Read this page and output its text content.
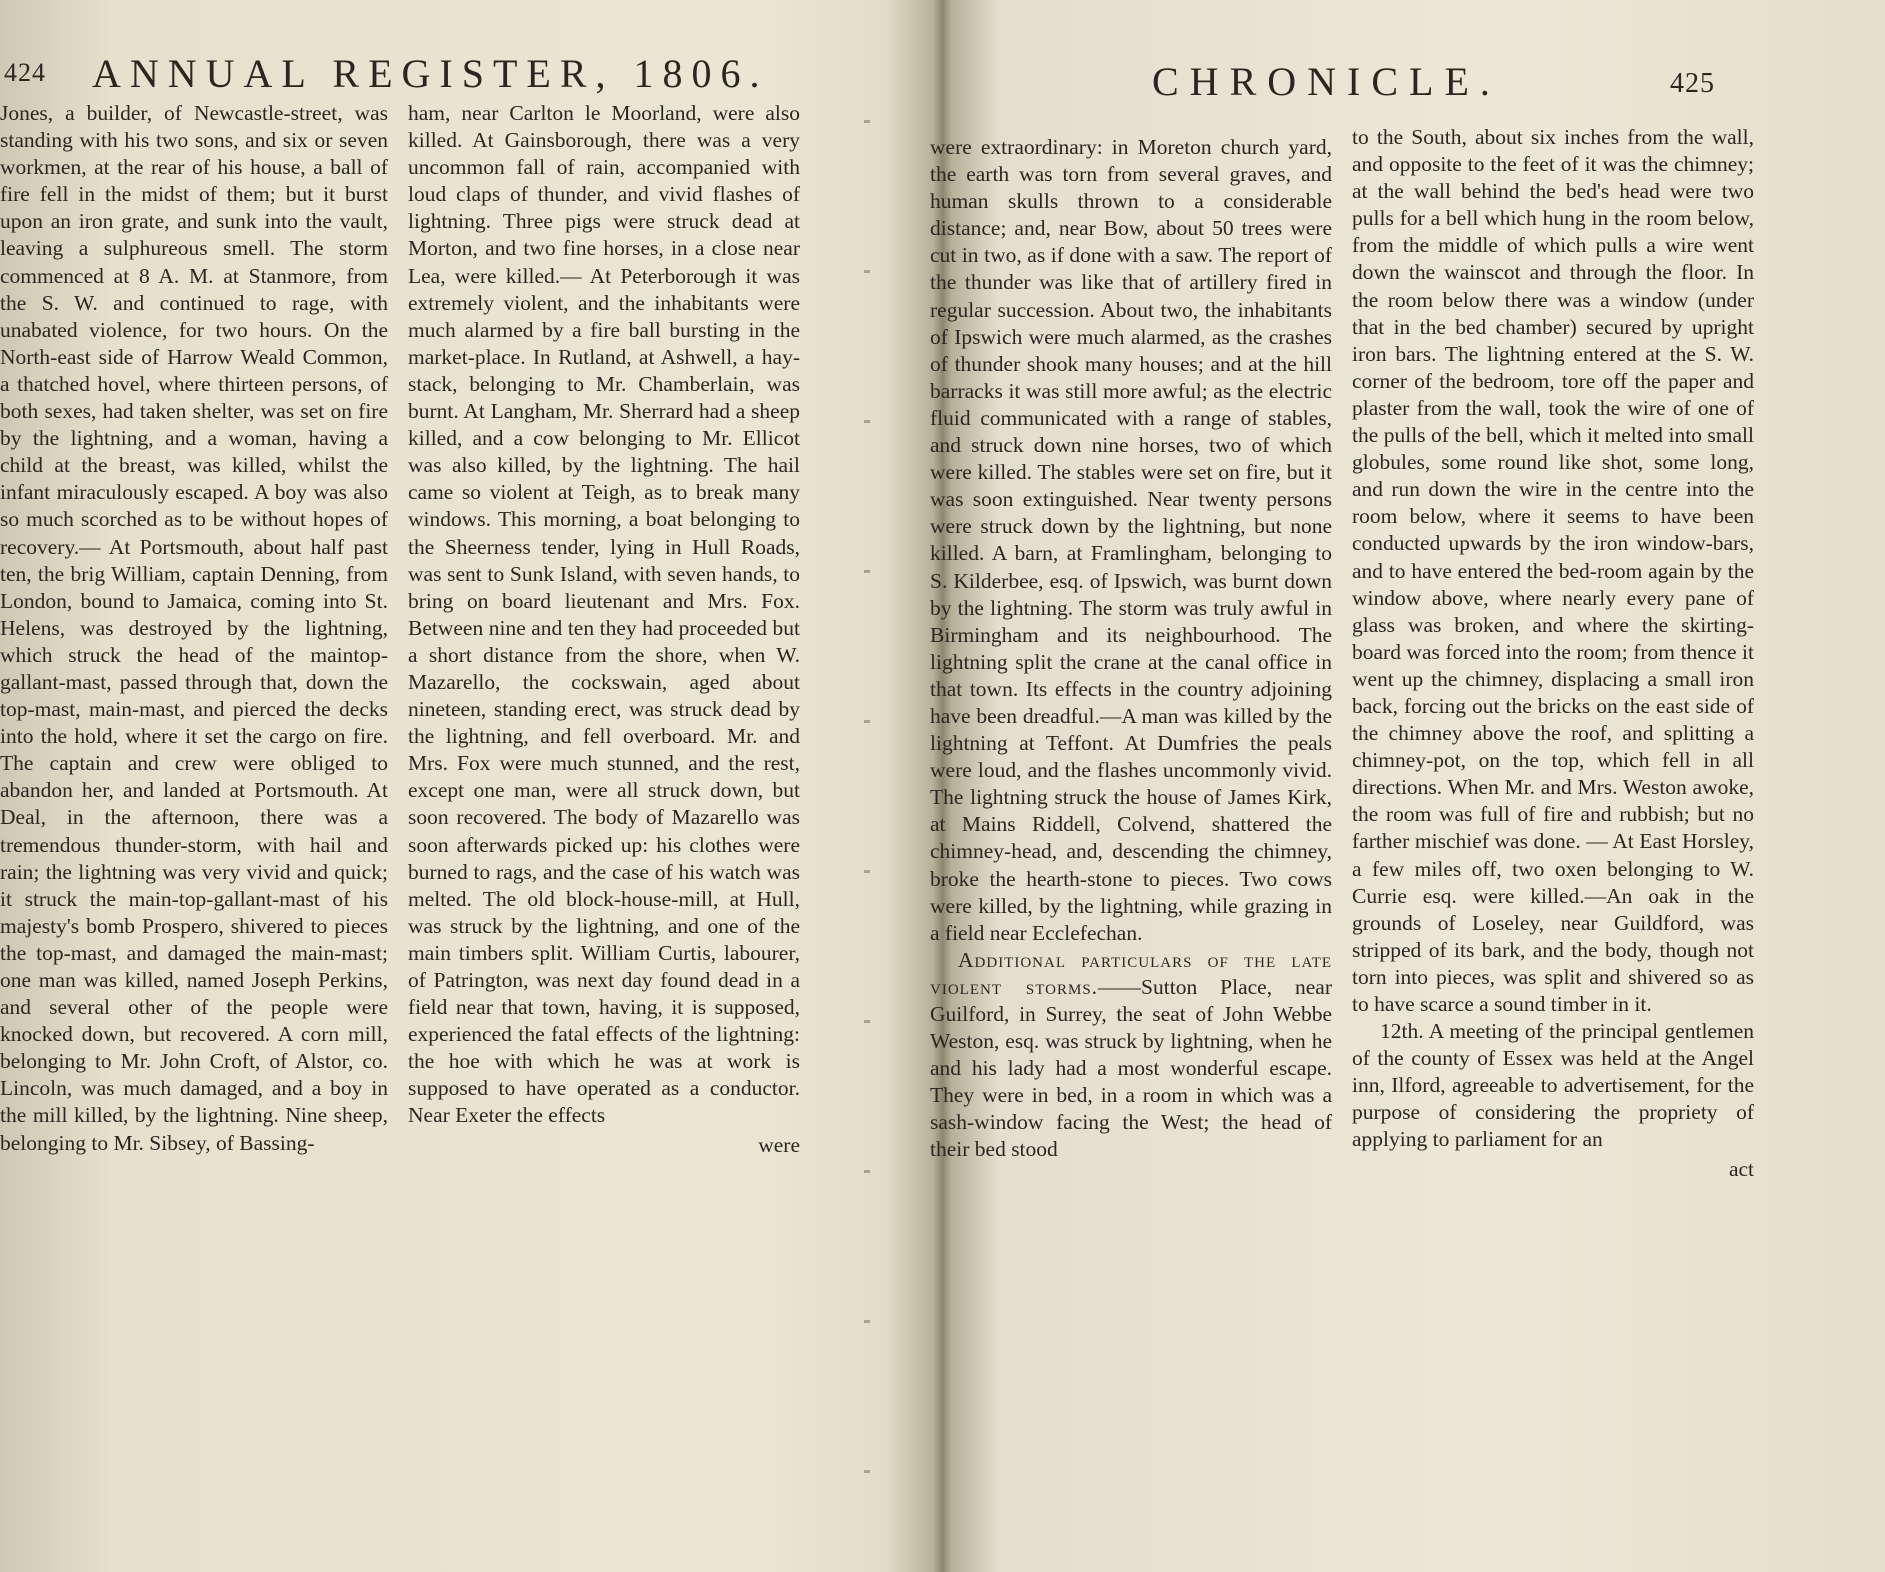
424 ANNUAL REGISTER, 1806.

Jones, a builder, of Newcastle-street, was standing with his two sons, and six or seven workmen, at the rear of his house, a ball of fire fell in the midst of them; but it burst upon an iron grate, and sunk into the vault, leaving a sulphureous smell. The storm commenced at 8 A. M. at Stanmore, from the S. W. and continued to rage, with unabated violence, for two hours. On the North-east side of Harrow Weald Common, a thatched hovel, where thirteen persons, of both sexes, had taken shelter, was set on fire by the lightning, and a woman, having a child at the breast, was killed, whilst the infant miraculously escaped. A boy was also so much scorched as to be without hopes of recovery.— At Portsmouth, about half past ten, the brig William, captain Denning, from London, bound to Jamaica, coming into St. Helens, was destroyed by the lightning, which struck the head of the maintop-gallant-mast, passed through that, down the top-mast, main-mast, and pierced the decks into the hold, where it set the cargo on fire. The captain and crew were obliged to abandon her, and landed at Portsmouth. At Deal, in the afternoon, there was a tremendous thunder-storm, with hail and rain; the lightning was very vivid and quick; it struck the main-top-gallant-mast of his majesty's bomb Prospero, shivered to pieces the top-mast, and damaged the main-mast; one man was killed, named Joseph Perkins, and several other of the people were knocked down, but recovered. A corn mill, belonging to Mr. John Croft, of Alstor, co. Lincoln, was much damaged, and a boy in the mill killed, by the lightning. Nine sheep, belonging to Mr. Sibsey, of Bassing-

ham, near Carlton le Moorland, were also killed. At Gainsborough, there was a very uncommon fall of rain, accompanied with loud claps of thunder, and vivid flashes of lightning. Three pigs were struck dead at Morton, and two fine horses, in a close near Lea, were killed.— At Peterborough it was extremely violent, and the inhabitants were much alarmed by a fire ball bursting in the market-place. In Rutland, at Ashwell, a hay-stack, belonging to Mr. Chamberlain, was burnt. At Langham, Mr. Sherrard had a sheep killed, and a cow belonging to Mr. Ellicot was also killed, by the lightning. The hail came so violent at Teigh, as to break many windows. This morning, a boat belonging to the Sheerness tender, lying in Hull Roads, was sent to Sunk Island, with seven hands, to bring on board lieutenant and Mrs. Fox. Between nine and ten they had proceeded but a short distance from the shore, when W. Mazarello, the cockswain, aged about nineteen, standing erect, was struck dead by the lightning, and fell overboard. Mr. and Mrs. Fox were much stunned, and the rest, except one man, were all struck down, but soon recovered. The body of Mazarello was soon afterwards picked up: his clothes were burned to rags, and the case of his watch was melted. The old block-house-mill, at Hull, was struck by the lightning, and one of the main timbers split. William Curtis, labourer, of Patrington, was next day found dead in a field near that town, having, it is supposed, experienced the fatal effects of the lightning: the hoe with which he was at work is supposed to have operated as a conductor. Near Exeter the effects

were
CHRONICLE.	425

were extraordinary: in Moreton church yard, the earth was torn from several graves, and human skulls thrown to a considerable distance; and, near Bow, about 50 trees were cut in two, as if done with a saw. The report of the thunder was like that of artillery fired in regular succession. About two, the inhabitants of Ipswich were much alarmed, as the crashes of thunder shook many houses; and at the hill barracks it was still more awful; as the electric fluid communicated with a range of stables, and struck down nine horses, two of which were killed. The stables were set on fire, but it was soon extinguished. Near twenty persons were struck down by the lightning, but none killed. A barn, at Framlingham, belonging to S. Kilderbee, esq. of Ipswich, was burnt down by the lightning. The storm was truly awful in Birmingham and its neighbourhood. The lightning split the crane at the canal office in that town. Its effects in the country adjoining have been dreadful.—A man was killed by the lightning at Teffont. At Dumfries the peals were loud, and the flashes uncommonly vivid. The lightning struck the house of James Kirk, at Mains Riddell, Colvend, shattered the chimney-head, and, descending the chimney, broke the hearth-stone to pieces. Two cows were killed, by the lightning, while grazing in a field near Ecclefechan.

Additional particulars of the late violent storms.——Sutton Place, near Guilford, in Surrey, the seat of John Webbe Weston, esq. was struck by lightning, when he and his lady had a most wonderful escape. They were in bed, in a room in which was a sash-window facing the West; the head of their bed stood

to the South, about six inches from the wall, and opposite to the feet of it was the chimney; at the wall behind the bed's head were two pulls for a bell which hung in the room below, from the middle of which pulls a wire went down the wainscot and through the floor. In the room below there was a window (under that in the bed chamber) secured by upright iron bars. The lightning entered at the S. W. corner of the bedroom, tore off the paper and plaster from the wall, took the wire of one of the pulls of the bell, which it melted into small globules, some round like shot, some long, and run down the wire in the centre into the room below, where it seems to have been conducted upwards by the iron window-bars, and to have entered the bed-room again by the window above, where nearly every pane of glass was broken, and where the skirting-board was forced into the room; from thence it went up the chimney, displacing a small iron back, forcing out the bricks on the east side of the chimney above the roof, and splitting a chimney-pot, on the top, which fell in all directions. When Mr. and Mrs. Weston awoke, the room was full of fire and rubbish; but no farther mischief was done. — At East Horsley, a few miles off, two oxen belonging to W. Currie esq. were killed.—An oak in the grounds of Loseley, near Guildford, was stripped of its bark, and the body, though not torn into pieces, was split and shivered so as to have scarce a sound timber in it.

12th. A meeting of the principal gentlemen of the county of Essex was held at the Angel inn, Ilford, agreeable to advertisement, for the purpose of considering the propriety of applying to parliament for an

act
